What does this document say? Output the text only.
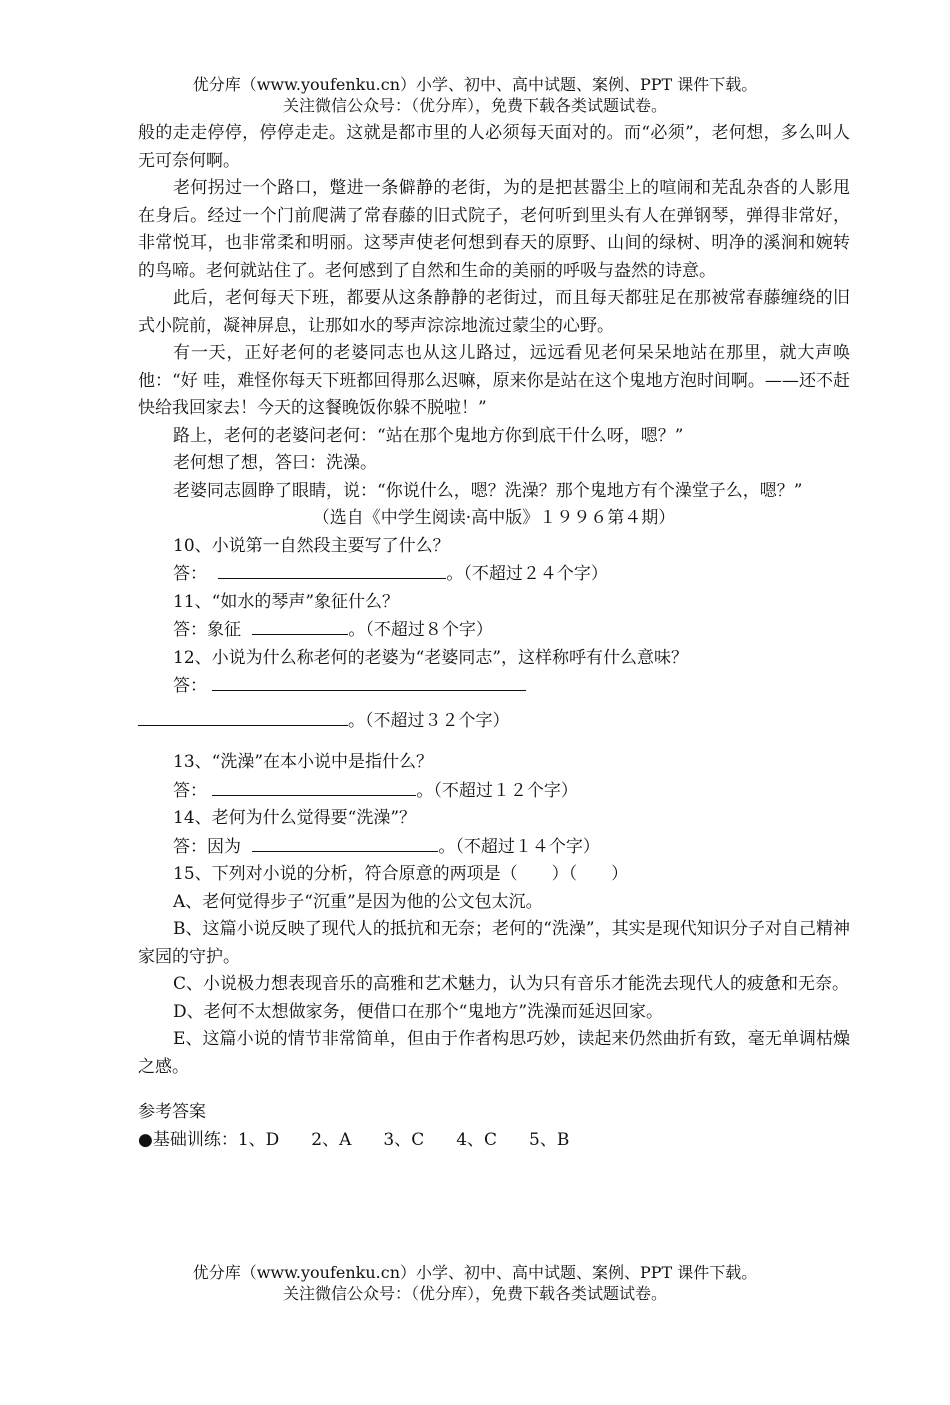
优分库（www.youfenku.cn）小学、初中、高中试题、案例、PPT 课件下载。
关注微信公众号：（优分库），免费下载各类试题试卷。

般的走走停停，停停走走。这就是都市里的人必须每天面对的。而“必须”，老何想，多么叫人无可奈何啊。

老何拐过一个路口，蹩进一条僻静的老街，为的是把甚嚣尘上的喧闹和芜乱杂沓的人影甩在身后。经过一个门前爬满了常春藤的旧式院子，老何听到里头有人在弹钢琴，弹得非常好，非常悦耳，也非常柔和明丽。这琴声使老何想到春天的原野、山间的绿树、明净的溪涧和婉转的鸟啼。老何就站住了。老何感到了自然和生命的美丽的呼吸与盎然的诗意。

此后，老何每天下班，都要从这条静静的老街过，而且每天都驻足在那被常春藤缠绕的旧式小院前，凝神屏息，让那如水的琴声淙淙地流过蒙尘的心野。

有一天，正好老何的老婆同志也从这儿路过，远远看见老何呆呆地站在那里，就大声唤他：“好 哇，难怪你每天下班都回得那么迟嘛，原来你是站在这个鬼地方泡时间啊。——还不赶快给我回家去！今天的这餐晚饭你躲不脱啦！”

路上，老何的老婆问老何：“站在那个鬼地方你到底干什么呀，嗯？”

老何想了想，答曰：洗澡。

老婆同志圆睁了眼睛，说：“你说什么，嗯？洗澡？那个鬼地方有个澡堂子么，嗯？”

（选自《中学生阅读·高中版》１９９６第４期）

10、小说第一自然段主要写了什么？

答：	。（不超过２４个字）

11、“如水的琴声”象征什么？

答：象征	。（不超过８个字）

12、小说为什么称老何的老婆为“老婆同志”，这样称呼有什么意味？

答：

。（不超过３２个字）

13、“洗澡”在本小说中是指什么？

答：	。（不超过１２个字）

14、老何为什么觉得要“洗澡”？

答：因为	。（不超过１４个字）

15、下列对小说的分析，符合原意的两项是（　　）（　　）

A、老何觉得步子“沉重”是因为他的公文包太沉。

B、这篇小说反映了现代人的抵抗和无奈；老何的“洗澡”，其实是现代知识分子对自己精神家园的守护。

C、小说极力想表现音乐的高雅和艺术魅力，认为只有音乐才能洗去现代人的疲惫和无奈。

D、老何不太想做家务，便借口在那个“鬼地方”洗澡而延迟回家。

E、这篇小说的情节非常简单，但由于作者构思巧妙，读起来仍然曲折有致，毫无单调枯燥之感。

参考答案

●基础训练：1、D 2、A 3、C 4、C 5、B

优分库（www.youfenku.cn）小学、初中、高中试题、案例、PPT 课件下载。
关注微信公众号：（优分库），免费下载各类试题试卷。
